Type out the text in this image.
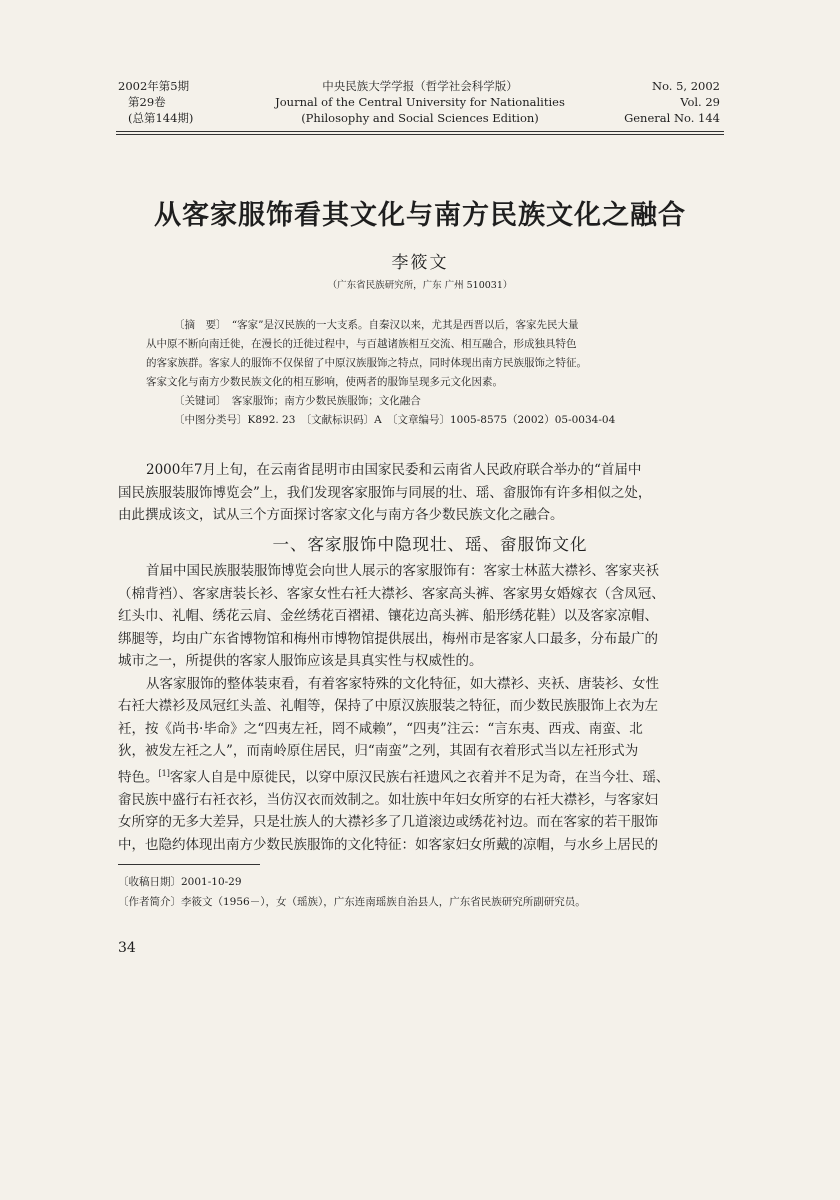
2002年第5期
第29卷
(总第144期)
中央民族大学学报（哲学社会科学版）
Journal of the Central University for Nationalities
(Philosophy and Social Sciences Edition)
No. 5, 2002
Vol. 29
General No. 144
从客家服饰看其文化与南方民族文化之融合
李筱文
（广东省民族研究所，广东 广州 510031）
〔摘　要〕　“客家”是汉民族的一大支系。自秦汉以来，尤其是西晋以后，客家先民大量
从中原不断向南迁徙，在漫长的迁徙过程中，与百越诸族相互交流、相互融合，形成独具特色
的客家族群。客家人的服饰不仅保留了中原汉族服饰之特点，同时体现出南方民族服饰之特征。
客家文化与南方少数民族文化的相互影响，使两者的服饰呈现多元文化因素。
〔关键词〕　客家服饰；南方少数民族服饰；文化融合
〔中图分类号〕K892. 23　〔文献标识码〕A　〔文章编号〕1005-8575（2002）05-0034-04

2000年7月上旬，在云南省昆明市由国家民委和云南省人民政府联合举办的“首届中
国民族服装服饰博览会”上，我们发现客家服饰与同展的壮、瑶、畲服饰有许多相似之处，
由此撰成该文，试从三个方面探讨客家文化与南方各少数民族文化之融合。

一、客家服饰中隐现壮、瑶、畲服饰文化

首届中国民族服装服饰博览会向世人展示的客家服饰有：客家士林蓝大襟衫、客家夹袄
（棉背裆）、客家唐装长衫、客家女性右衽大襟衫、客家高头裤、客家男女婚嫁衣（含凤冠、
红头巾、礼帽、绣花云肩、金丝绣花百褶裙、镶花边高头裤、船形绣花鞋）以及客家凉帽、
绑腿等，均由广东省博物馆和梅州市博物馆提供展出，梅州市是客家人口最多，分布最广的
城市之一，所提供的客家人服饰应该是具真实性与权威性的。

从客家服饰的整体装束看，有着客家特殊的文化特征，如大襟衫、夹袄、唐装衫、女性
右衽大襟衫及凤冠红头盖、礼帽等，保持了中原汉族服装之特征，而少数民族服饰上衣为左
衽，按《尚书·毕命》之“四夷左衽，罔不咸赖”，“四夷”注云：“言东夷、西戎、南蛮、北
狄，被发左衽之人”，而南岭原住居民，归“南蛮”之列，其固有衣着形式当以左衽形式为
特色。[1]客家人自是中原徙民，以穿中原汉民族右衽遗风之衣着并不足为奇，在当今壮、瑶、
畲民族中盛行右衽衣衫，当仿汉衣而效制之。如壮族中年妇女所穿的右衽大襟衫，与客家妇
女所穿的无多大差异，只是壮族人的大襟衫多了几道滚边或绣花衬边。而在客家的若干服饰
中，也隐约体现出南方少数民族服饰的文化特征：如客家妇女所戴的凉帽，与水乡上居民的

〔收稿日期〕2001-10-29
〔作者简介〕李筱文（1956－），女（瑶族），广东连南瑶族自治县人，广东省民族研究所副研究员。
34
